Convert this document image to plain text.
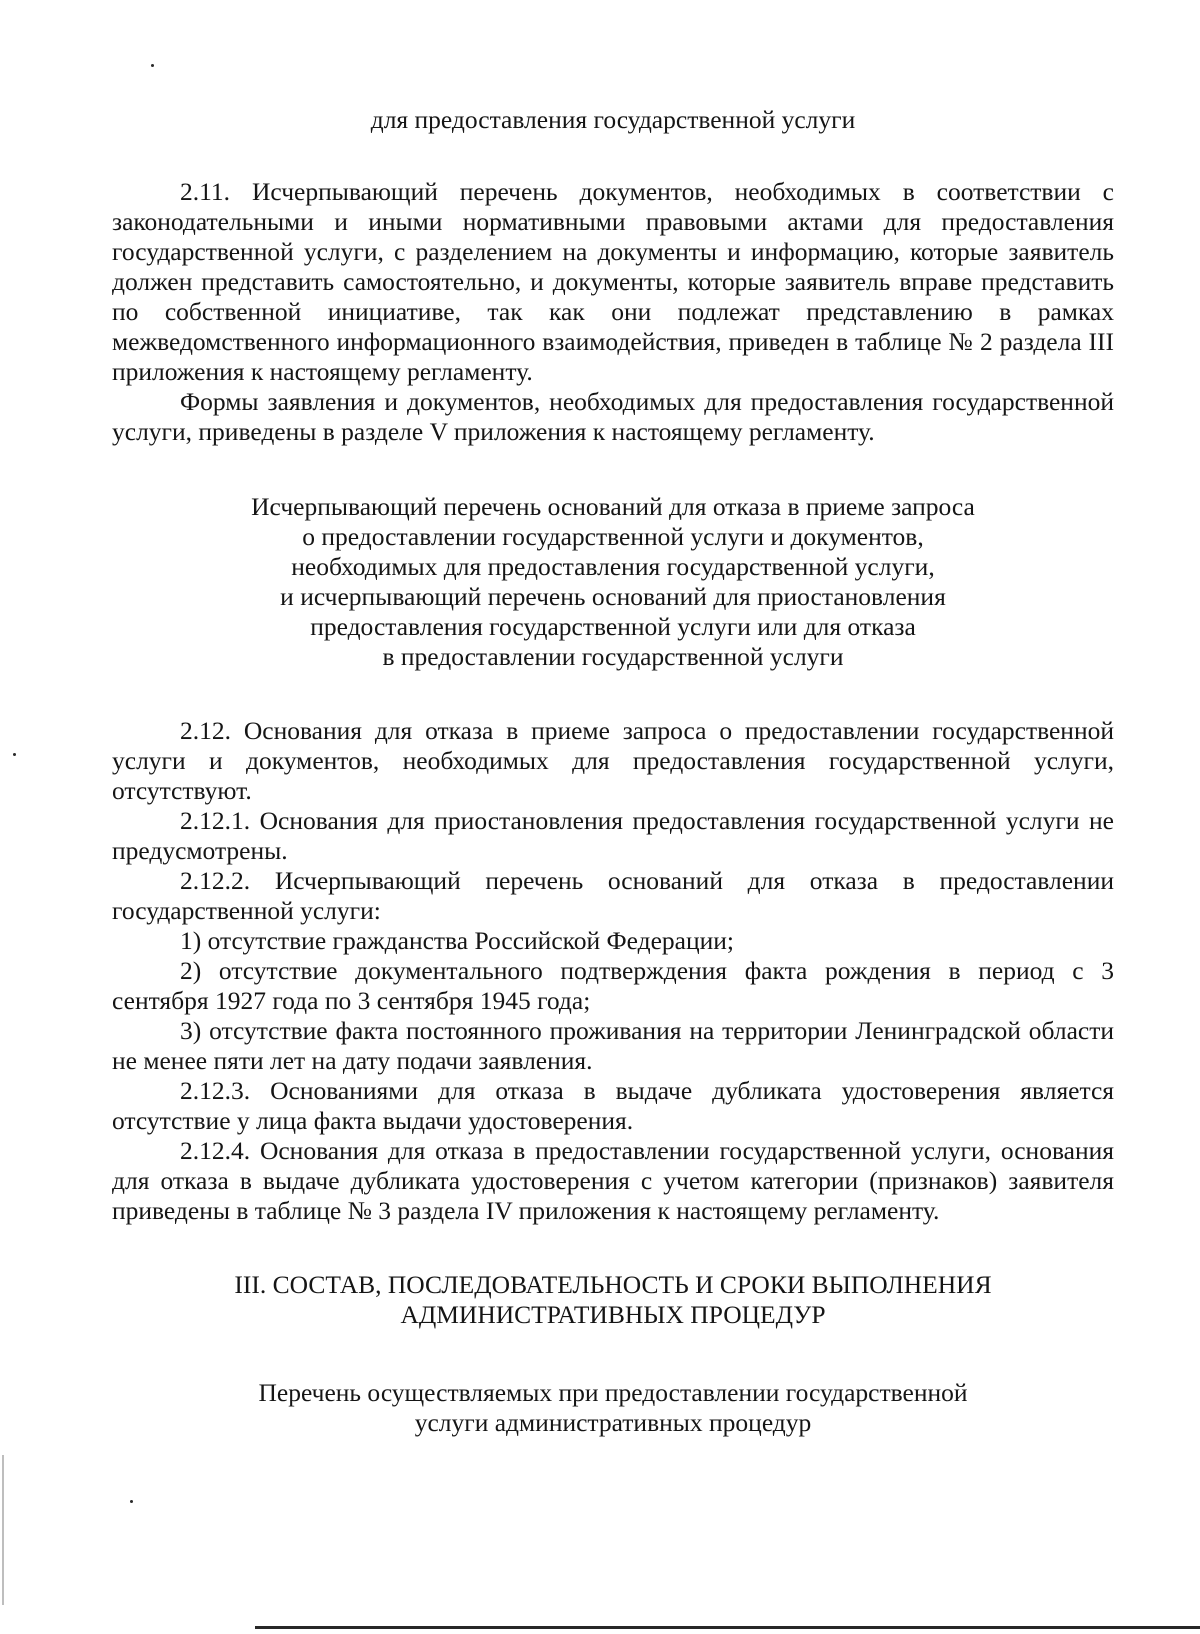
для предоставления государственной услуги

2.11. Исчерпывающий перечень документов, необходимых в соответствии с законодательными и иными нормативными правовыми актами для предоставления государственной услуги, с разделением на документы и информацию, которые заявитель должен представить самостоятельно, и документы, которые заявитель вправе представить по собственной инициативе, так как они подлежат представлению в рамках межведомственного информационного взаимодействия, приведен в таблице № 2 раздела III приложения к настоящему регламенту.

Формы заявления и документов, необходимых для предоставления государственной услуги, приведены в разделе V приложения к настоящему регламенту.

Исчерпывающий перечень оснований для отказа в приеме запроса

о предоставлении государственной услуги и документов,

необходимых для предоставления государственной услуги,

и исчерпывающий перечень оснований для приостановления

предоставления государственной услуги или для отказа

в предоставлении государственной услуги

2.12. Основания для отказа в приеме запроса о предоставлении государственной услуги и документов, необходимых для предоставления государственной услуги, отсутствуют.

2.12.1. Основания для приостановления предоставления государственной услуги не предусмотрены.

2.12.2. Исчерпывающий перечень оснований для отказа в предоставлении государственной услуги:

1) отсутствие гражданства Российской Федерации;

2) отсутствие документального подтверждения факта рождения в период с 3 сентября 1927 года по 3 сентября 1945 года;

3) отсутствие факта постоянного проживания на территории Ленинградской области не менее пяти лет на дату подачи заявления.

2.12.3. Основаниями для отказа в выдаче дубликата удостоверения является отсутствие у лица факта выдачи удостоверения.

2.12.4. Основания для отказа в предоставлении государственной услуги, основания для отказа в выдаче дубликата удостоверения с учетом категории (признаков) заявителя приведены в таблице № 3 раздела IV приложения к настоящему регламенту.

III. СОСТАВ, ПОСЛЕДОВАТЕЛЬНОСТЬ И СРОКИ ВЫПОЛНЕНИЯ

АДМИНИСТРАТИВНЫХ ПРОЦЕДУР

Перечень осуществляемых при предоставлении государственной

услуги административных процедур
